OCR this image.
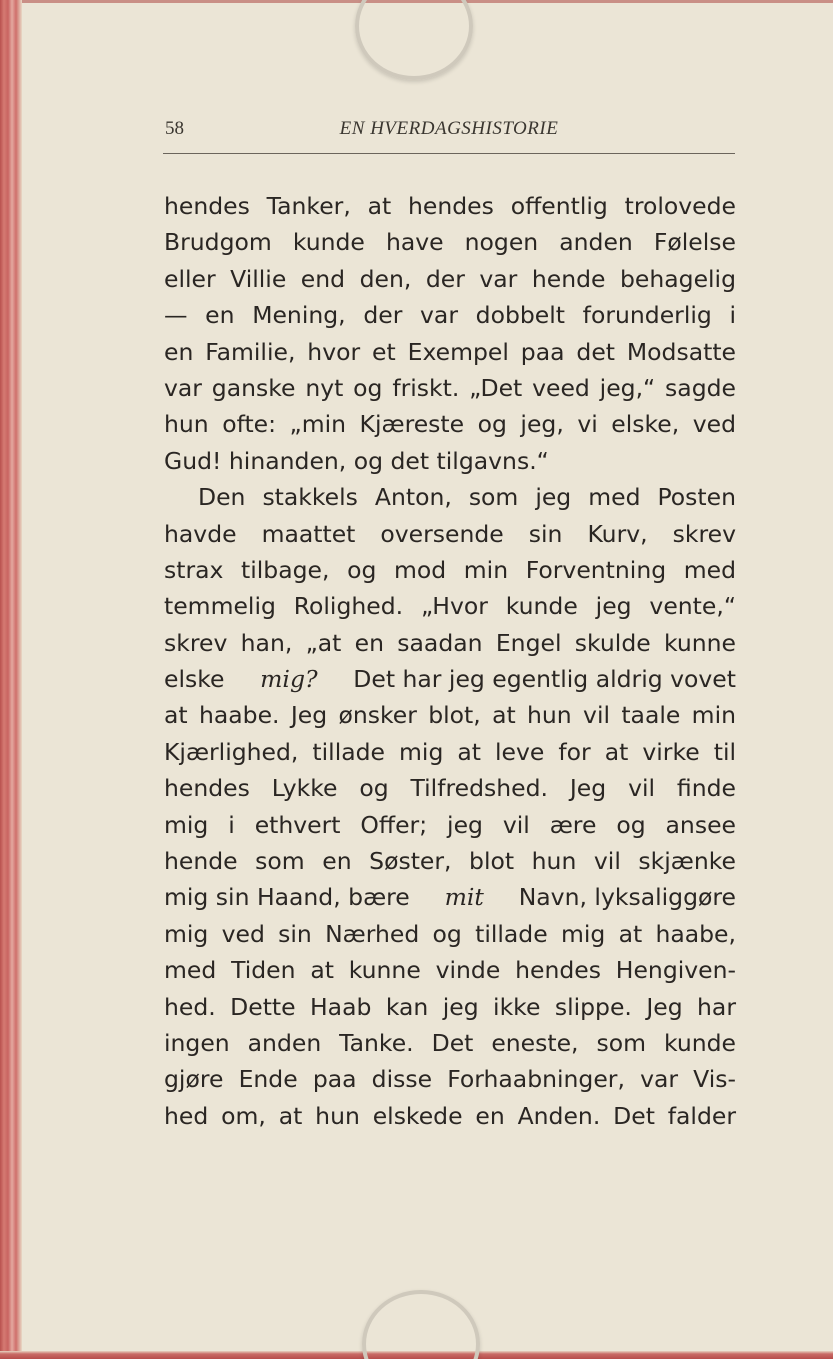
58	EN HVERDAGSHISTORIE
hendes Tanker, at hendes offentlig trolovede
Brudgom kunde have nogen anden Følelse
eller Villie end den, der var hende behagelig
— en Mening, der var dobbelt forunderlig i
en Familie, hvor et Exempel paa det Modsatte
var ganske nyt og friskt. „Det veed jeg,“ sagde
hun ofte: „min Kjæreste og jeg, vi elske, ved
Gud! hinanden, og det tilgavns.“
Den stakkels Anton, som jeg med Posten
havde maattet oversende sin Kurv, skrev
strax tilbage, og mod min Forventning med
temmelig Rolighed. „Hvor kunde jeg vente,“
skrev han, „at en saadan Engel skulde kunne
elske mig? Det har jeg egentlig aldrig vovet
at haabe. Jeg ønsker blot, at hun vil taale min
Kjærlighed, tillade mig at leve for at virke til
hendes Lykke og Tilfredshed. Jeg vil finde
mig i ethvert Offer; jeg vil ære og ansee
hende som en Søster, blot hun vil skjænke
mig sin Haand, bære mit Navn, lyksaliggøre
mig ved sin Nærhed og tillade mig at haabe,
med Tiden at kunne vinde hendes Hengiven-
hed. Dette Haab kan jeg ikke slippe. Jeg har
ingen anden Tanke. Det eneste, som kunde
gjøre Ende paa disse Forhaabninger, var Vis-
hed om, at hun elskede en Anden. Det falder
